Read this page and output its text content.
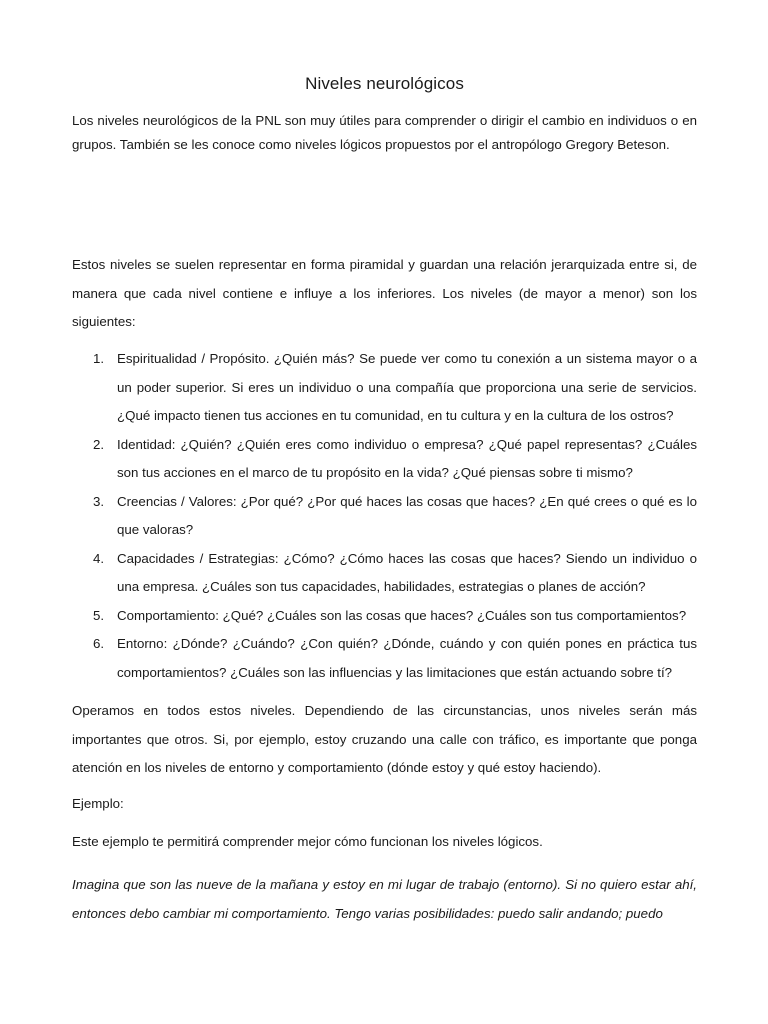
Niveles neurológicos

Los niveles neurológicos de la PNL son muy útiles para comprender o dirigir el cambio en individuos o en grupos. También se les conoce como niveles lógicos propuestos por el antropólogo Gregory Beteson.

Estos niveles se suelen representar en forma piramidal y guardan una relación jerarquizada entre si, de manera que cada nivel contiene e influye a los inferiores. Los niveles (de mayor a menor) son los siguientes:

1. Espiritualidad / Propósito. ¿Quién más? Se puede ver como tu conexión a un sistema mayor o a un poder superior. Si eres un individuo o una compañía que proporciona una serie de servicios. ¿Qué impacto tienen tus acciones en tu comunidad, en tu cultura y en la cultura de los ostros?
2. Identidad: ¿Quién? ¿Quién eres como individuo o empresa? ¿Qué papel representas? ¿Cuáles son tus acciones en el marco de tu propósito en la vida? ¿Qué piensas sobre ti mismo?
3. Creencias / Valores: ¿Por qué? ¿Por qué haces las cosas que haces? ¿En qué crees o qué es lo que valoras?
4. Capacidades / Estrategias: ¿Cómo? ¿Cómo haces las cosas que haces? Siendo un individuo o una empresa. ¿Cuáles son tus capacidades, habilidades, estrategias o planes de acción?
5. Comportamiento: ¿Qué? ¿Cuáles son las cosas que haces? ¿Cuáles son tus comportamientos?
6. Entorno: ¿Dónde? ¿Cuándo? ¿Con quién? ¿Dónde, cuándo y con quién pones en práctica tus comportamientos? ¿Cuáles son las influencias y las limitaciones que están actuando sobre tí?

Operamos en todos estos niveles. Dependiendo de las circunstancias, unos niveles serán más importantes que otros. Si, por ejemplo, estoy cruzando una calle con tráfico, es importante que ponga atención en los niveles de entorno y comportamiento (dónde estoy y qué estoy haciendo).

Ejemplo:

Este ejemplo te permitirá comprender mejor cómo funcionan los niveles lógicos.

Imagina que son las nueve de la mañana y estoy en mi lugar de trabajo (entorno). Si no quiero estar ahí, entonces debo cambiar mi comportamiento. Tengo varias posibilidades: puedo salir andando; puedo
